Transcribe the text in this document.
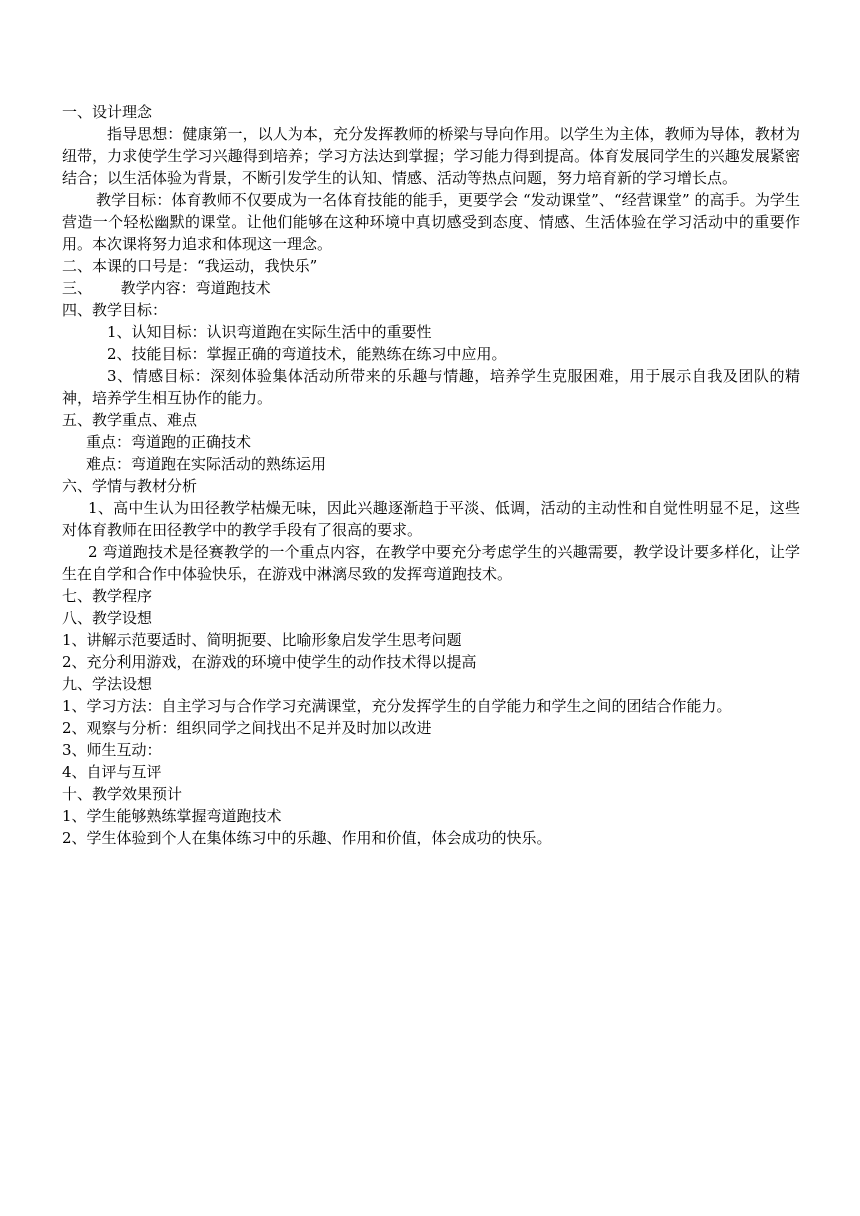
一、设计理念

指导思想：健康第一，以人为本，充分发挥教师的桥梁与导向作用。以学生为主体，教师为导体，教材为纽带，力求使学生学习兴趣得到培养；学习方法达到掌握；学习能力得到提高。体育发展同学生的兴趣发展紧密结合；以生活体验为背景，不断引发学生的认知、情感、活动等热点问题，努力培育新的学习增长点。

教学目标：体育教师不仅要成为一名体育技能的能手，更要学会 “发动课堂”、“经营课堂” 的高手。为学生营造一个轻松幽默的课堂。让他们能够在这种环境中真切感受到态度、情感、生活体验在学习活动中的重要作用。本次课将努力追求和体现这一理念。

二、本课的口号是：“我运动，我快乐”

三、      教学内容：弯道跑技术

四、教学目标：

1、认知目标：认识弯道跑在实际生活中的重要性

2、技能目标：掌握正确的弯道技术，能熟练在练习中应用。

3、情感目标：深刻体验集体活动所带来的乐趣与情趣，培养学生克服困难，用于展示自我及团队的精神，培养学生相互协作的能力。

五、教学重点、难点

重点：弯道跑的正确技术

难点：弯道跑在实际活动的熟练运用

六、学情与教材分析

1、高中生认为田径教学枯燥无味，因此兴趣逐渐趋于平淡、低调，活动的主动性和自觉性明显不足，这些对体育教师在田径教学中的教学手段有了很高的要求。

2 弯道跑技术是径赛教学的一个重点内容，在教学中要充分考虑学生的兴趣需要，教学设计要多样化，让学生在自学和合作中体验快乐，在游戏中淋漓尽致的发挥弯道跑技术。

七、教学程序

八、教学设想

1、讲解示范要适时、简明扼要、比喻形象启发学生思考问题

2、充分利用游戏，在游戏的环境中使学生的动作技术得以提高

九、学法设想

1、学习方法：自主学习与合作学习充满课堂，充分发挥学生的自学能力和学生之间的团结合作能力。

2、观察与分析：组织同学之间找出不足并及时加以改进

3、师生互动：

4、自评与互评

十、教学效果预计

1、学生能够熟练掌握弯道跑技术

2、学生体验到个人在集体练习中的乐趣、作用和价值，体会成功的快乐。
